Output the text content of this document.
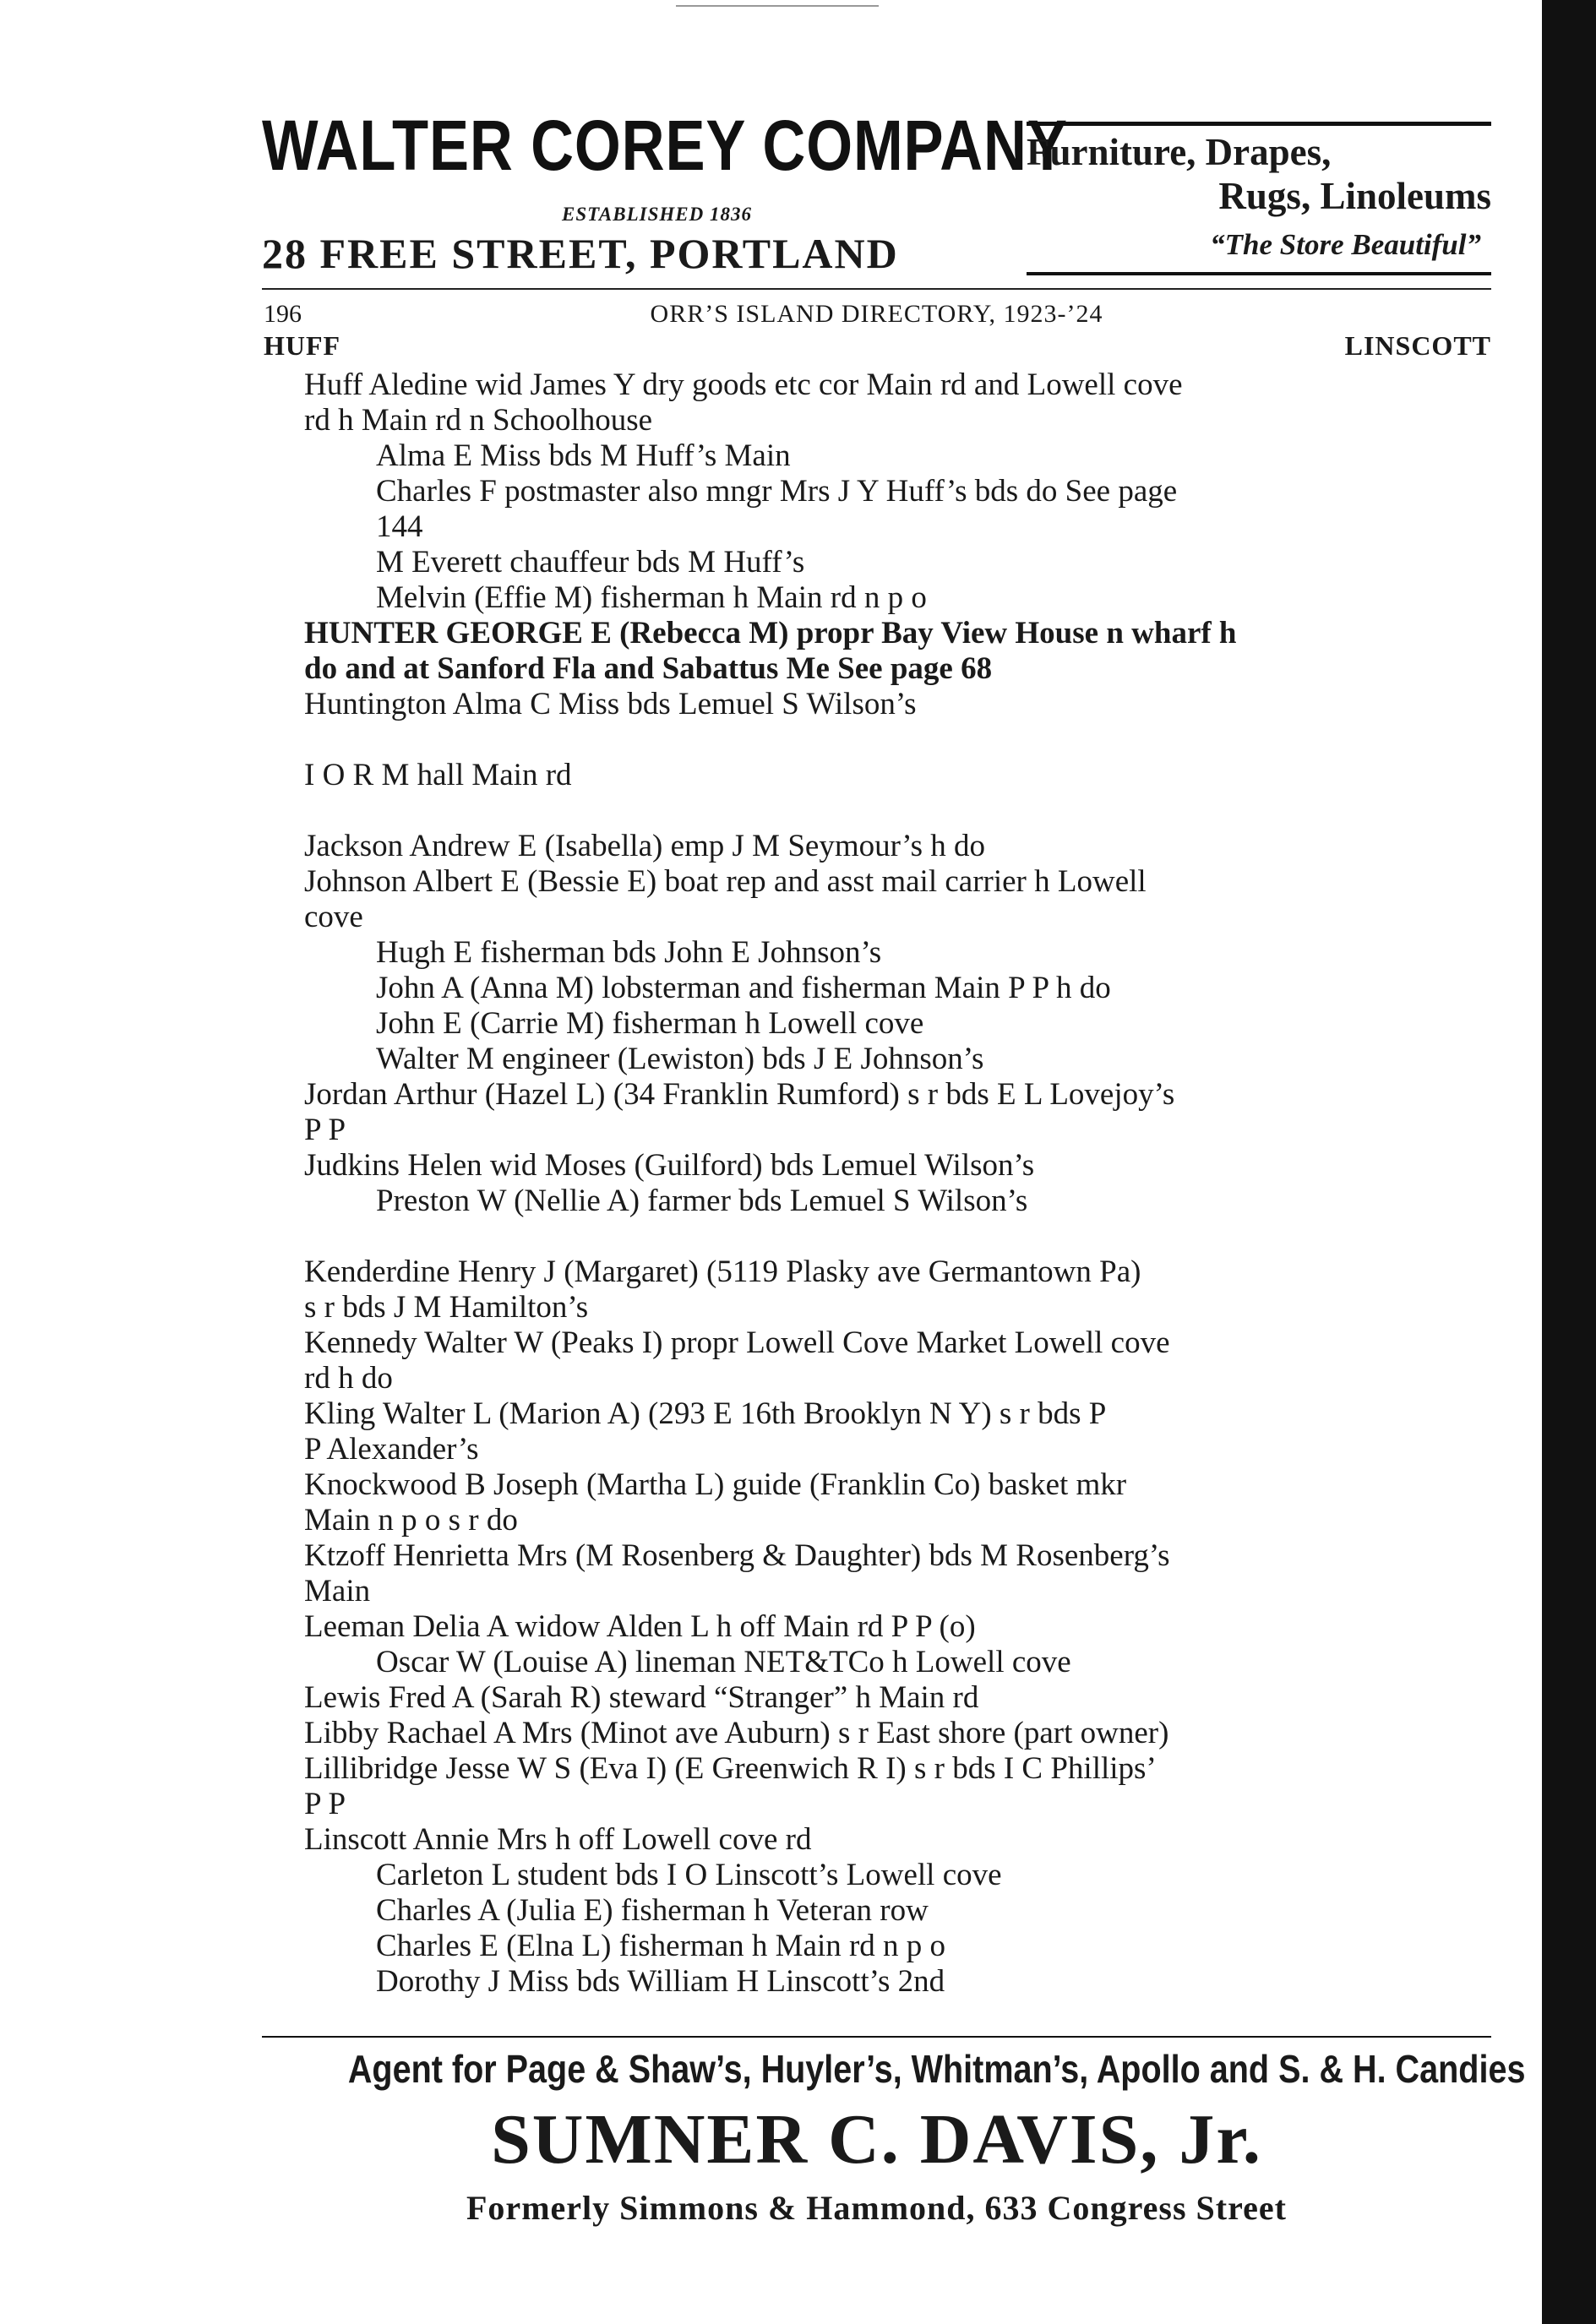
WALTER COREY COMPANY
ESTABLISHED 1836
28 FREE STREET, PORTLAND
Furniture, Drapes,
Rugs, Linoleums
“The Store Beautiful”
196	ORR’S ISLAND DIRECTORY, 1923-’24
HUFF	LINSCOTT

Huff Aledine wid James Y dry goods etc cor Main rd and Lowell cove
rd h Main rd n Schoolhouse

Alma E Miss bds M Huff’s Main

Charles F postmaster also mngr Mrs J Y Huff’s bds do See page
144

M Everett chauffeur bds M Huff’s

Melvin (Effie M) fisherman h Main rd n p o

HUNTER GEORGE E (Rebecca M) propr Bay View House n wharf h
do and at Sanford Fla and Sabattus Me See page 68

Huntington Alma C Miss bds Lemuel S Wilson’s

I O R M hall Main rd

Jackson Andrew E (Isabella) emp J M Seymour’s h do

Johnson Albert E (Bessie E) boat rep and asst mail carrier h Lowell
cove

Hugh E fisherman bds John E Johnson’s

John A (Anna M) lobsterman and fisherman Main P P h do

John E (Carrie M) fisherman h Lowell cove

Walter M engineer (Lewiston) bds J E Johnson’s

Jordan Arthur (Hazel L) (34 Franklin Rumford) s r bds E L Lovejoy’s
P P

Judkins Helen wid Moses (Guilford) bds Lemuel Wilson’s

Preston W (Nellie A) farmer bds Lemuel S Wilson’s

Kenderdine Henry J (Margaret) (5119 Plasky ave Germantown Pa)
s r bds J M Hamilton’s

Kennedy Walter W (Peaks I) propr Lowell Cove Market Lowell cove
rd h do

Kling Walter L (Marion A) (293 E 16th Brooklyn N Y) s r bds P
P Alexander’s

Knockwood B Joseph (Martha L) guide (Franklin Co) basket mkr
Main n p o s r do

Ktzoff Henrietta Mrs (M Rosenberg & Daughter) bds M Rosenberg’s
Main

Leeman Delia A widow Alden L h off Main rd P P (o)

Oscar W (Louise A) lineman NET&TCo h Lowell cove

Lewis Fred A (Sarah R) steward “Stranger” h Main rd

Libby Rachael A Mrs (Minot ave Auburn) s r East shore (part owner)

Lillibridge Jesse W S (Eva I) (E Greenwich R I) s r bds I C Phillips’
P P

Linscott Annie Mrs h off Lowell cove rd

Carleton L student bds I O Linscott’s Lowell cove

Charles A (Julia E) fisherman h Veteran row

Charles E (Elna L) fisherman h Main rd n p o

Dorothy J Miss bds William H Linscott’s 2nd

Agent for Page & Shaw’s, Huyler’s, Whitman’s, Apollo and S. & H. Candies
SUMNER C. DAVIS, Jr.
Formerly Simmons & Hammond, 633 Congress Street
